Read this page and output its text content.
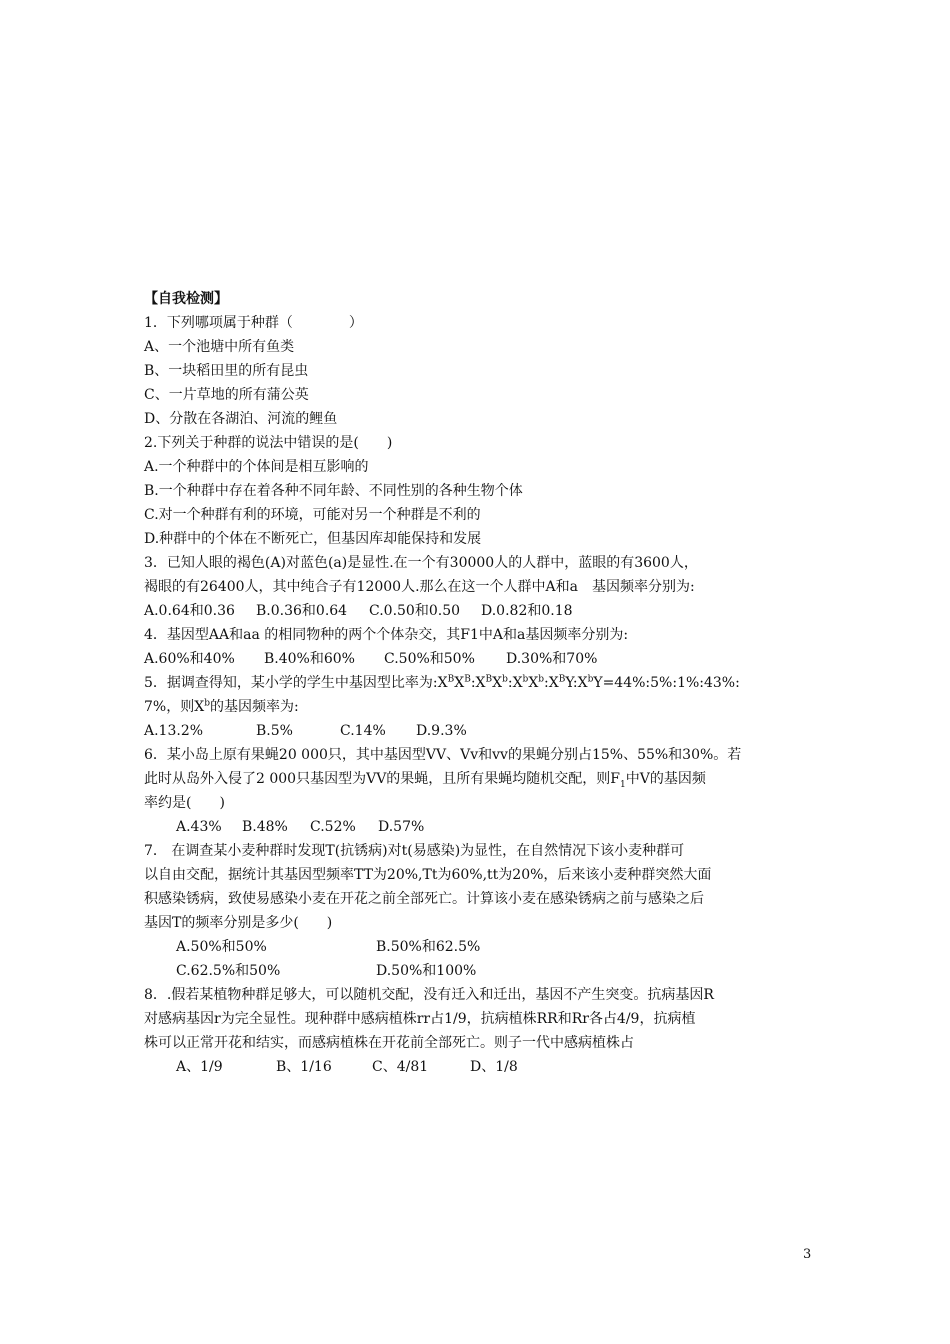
【自我检测】
1．下列哪项属于种群（　　　　）
A、一个池塘中所有鱼类
B、一块稻田里的所有昆虫
C、一片草地的所有蒲公英
D、分散在各湖泊、河流的鲤鱼
2.下列关于种群的说法中错误的是(　　)
A.一个种群中的个体间是相互影响的
B.一个种群中存在着各种不同年龄、不同性别的各种生物个体
C.对一个种群有利的环境，可能对另一个种群是不利的
D.种群中的个体在不断死亡，但基因库却能保持和发展
3．已知人眼的褐色(A)对蓝色(a)是显性.在一个有30000人的人群中，蓝眼的有3600人，
褐眼的有26400人，其中纯合子有12000人.那么在这一个人群中A和a　基因频率分别为:
A.0.64和0.36 B.0.36和0.64 C.0.50和0.50 D.0.82和0.18
4．基因型AA和aa 的相同物种的两个个体杂交，其F1中A和a基因频率分别为:
A.60%和40% B.40%和60% C.50%和50% D.30%和70%
5．据调查得知，某小学的学生中基因型比率为$:X^BX^B:X^BX^b:X^bX^b:X^BY:X^bY=44\%:5\%:1\%:43\%$:
7%，则$X^b$的基因频率为:
A.13.2%	B.5%	C.14% D.9.3%
6．某小岛上原有果蝇20 000只，其中基因型VV、Vv和vv的果蝇分别占15%、55%和30%。若
此时从岛外入侵了2 000只基因型为VV的果蝇，且所有果蝇均随机交配，则$F_1$中V的基因频
率约是(　　)
A.43% B.48% C.52% D.57%
7． 在调查某小麦种群时发现T(抗锈病)对t(易感染)为显性，在自然情况下该小麦种群可
以自由交配，据统计其基因型频率TT为20%,Tt为60%,tt为20%，后来该小麦种群突然大面
积感染锈病，致使易感染小麦在开花之前全部死亡。计算该小麦在感染锈病之前与感染之后
基因T的频率分别是多少(　　)
A.50%和50%	B.50%和62.5%
C.62.5%和50%	D.50%和100%
8．.假若某植物种群足够大，可以随机交配，没有迁入和迁出，基因不产生突变。抗病基因R
对感病基因r为完全显性。现种群中感病植株rr占1/9，抗病植株RR和Rr各占4/9，抗病植
株可以正常开花和结实，而感病植株在开花前全部死亡。则子一代中感病植株占
A、1/9	B、1/16	C、4/81	D、1/8
3
